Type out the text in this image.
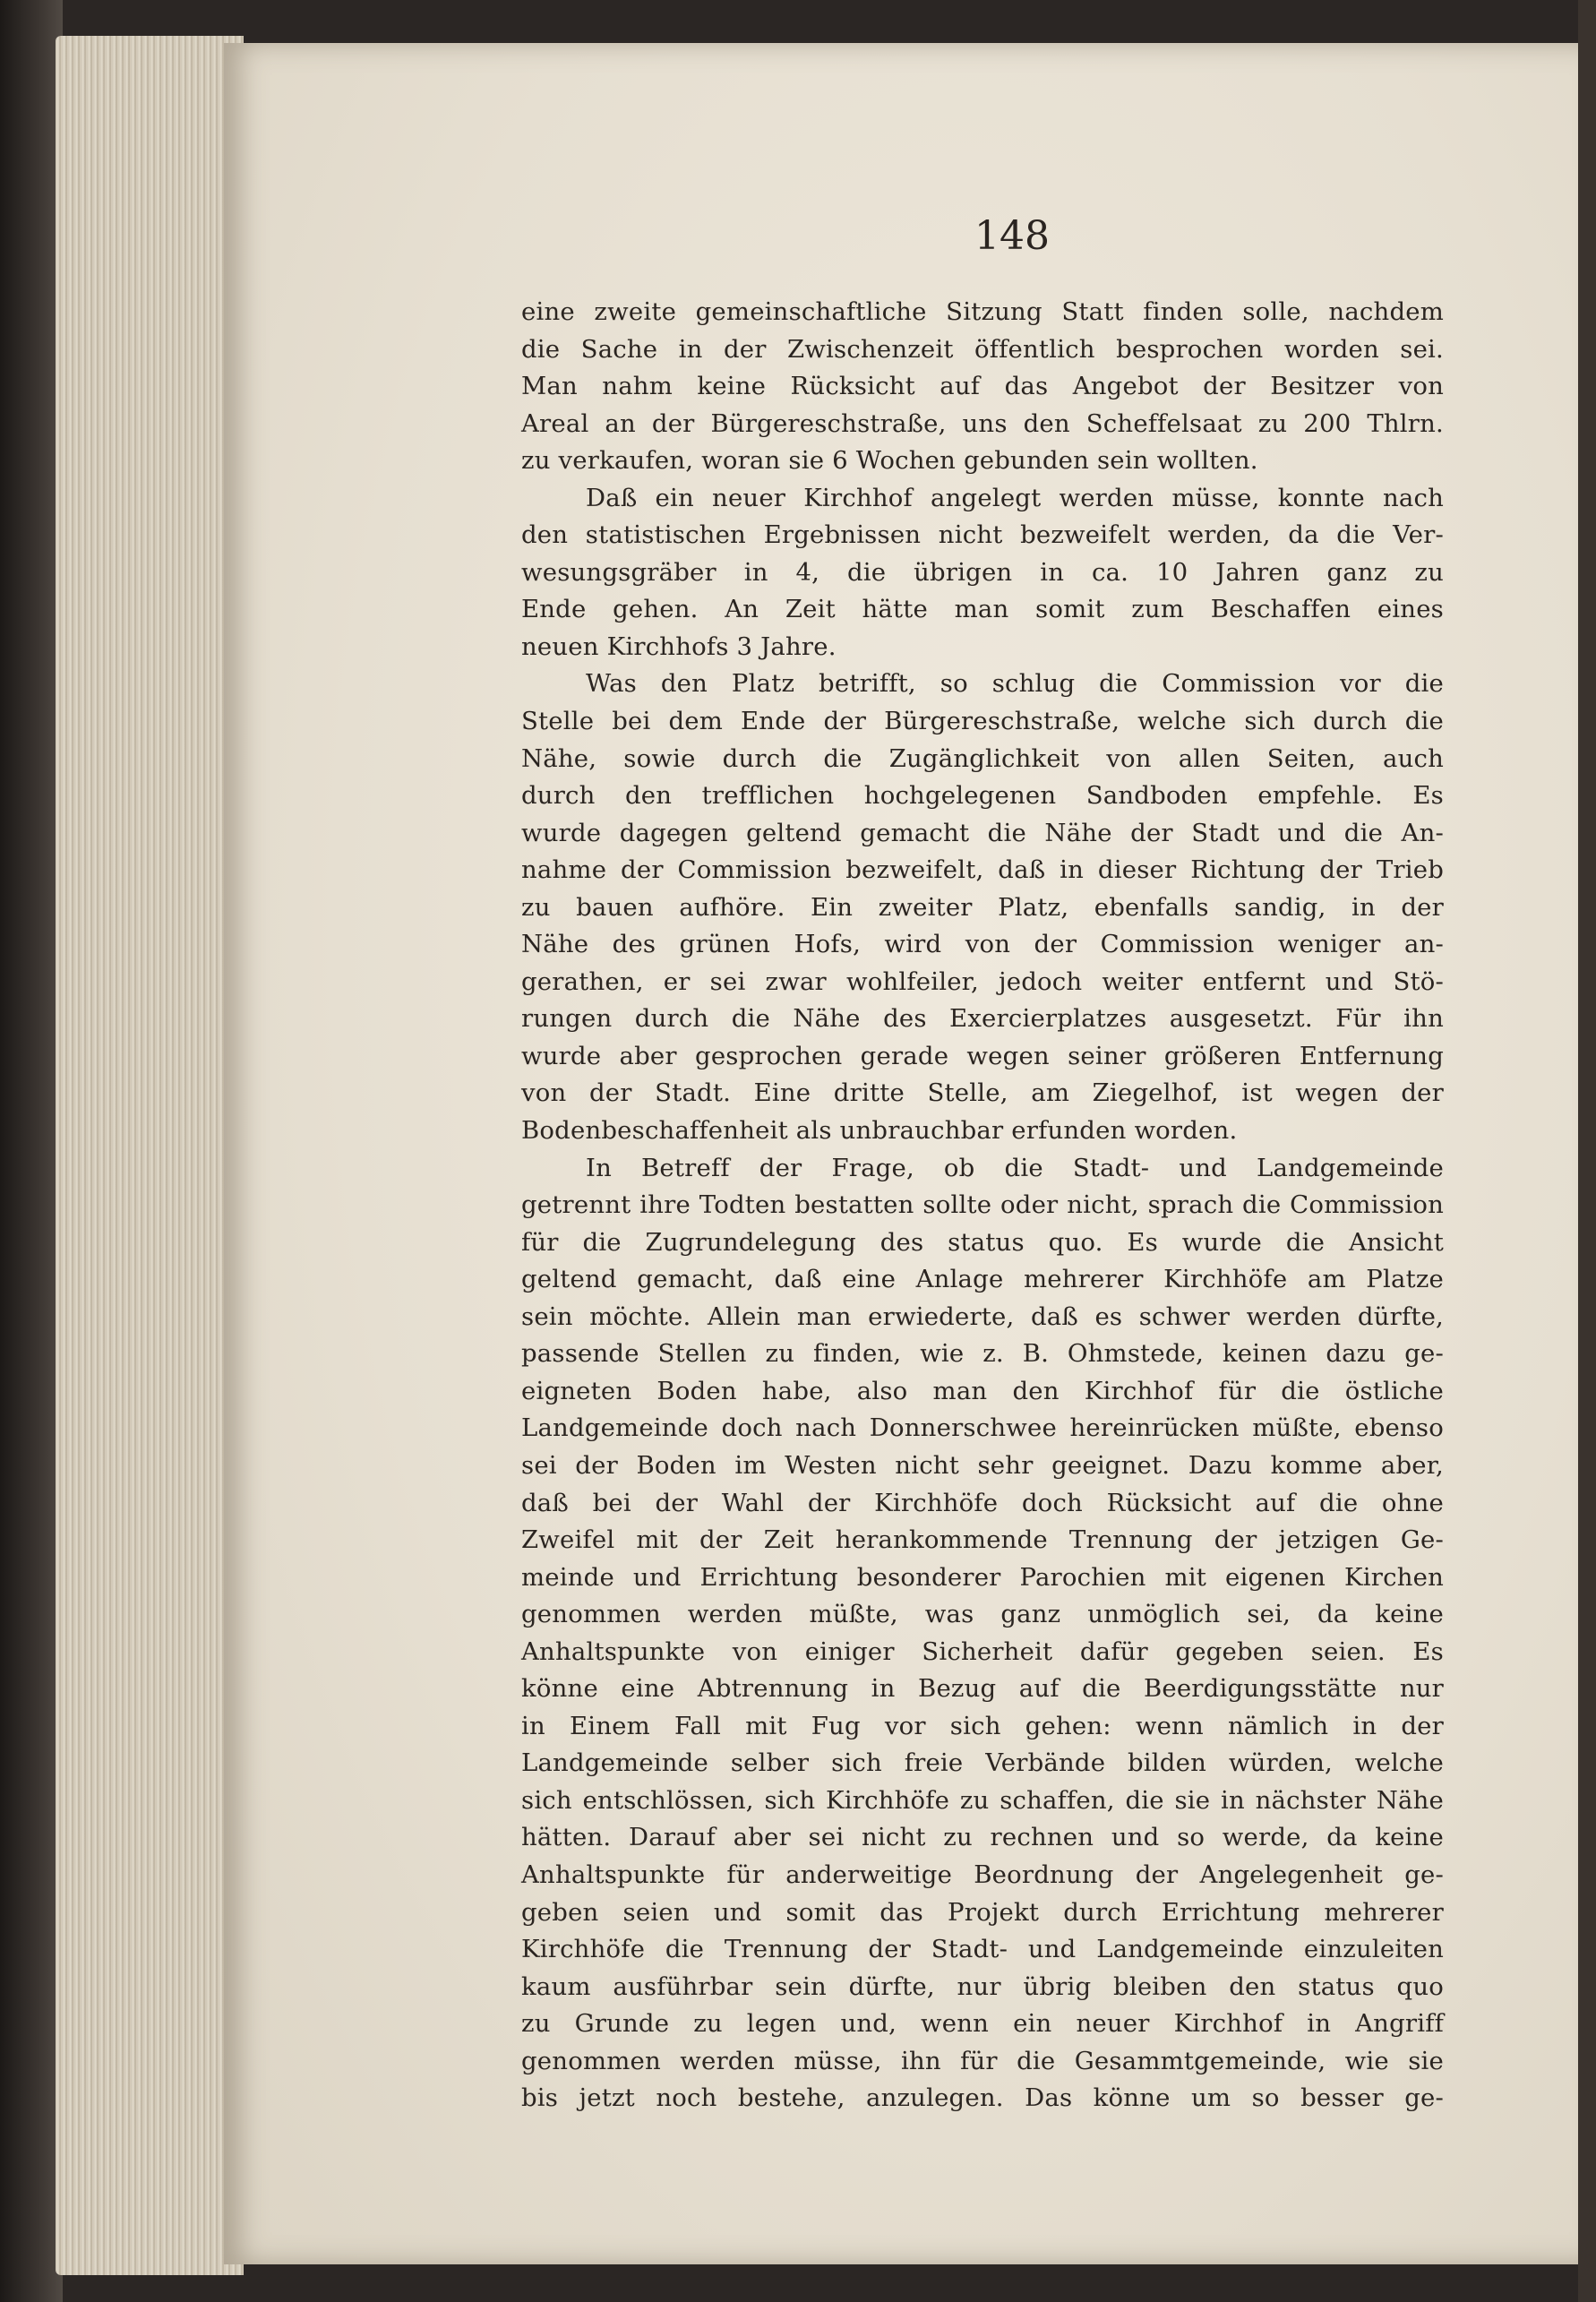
148
eine zweite gemeinschaftliche Sitzung Statt finden solle, nachdem
die Sache in der Zwischenzeit öffentlich besprochen worden sei.
Man nahm keine Rücksicht auf das Angebot der Besitzer von
Areal an der Bürgereschstraße, uns den Scheffelsaat zu 200 Thlrn.
zu verkaufen, woran sie 6 Wochen gebunden sein wollten.
Daß ein neuer Kirchhof angelegt werden müsse, konnte nach
den statistischen Ergebnissen nicht bezweifelt werden, da die Ver-
wesungsgräber in 4, die übrigen in ca. 10 Jahren ganz zu
Ende gehen. An Zeit hätte man somit zum Beschaffen eines
neuen Kirchhofs 3 Jahre.
Was den Platz betrifft, so schlug die Commission vor die
Stelle bei dem Ende der Bürgereschstraße, welche sich durch die
Nähe, sowie durch die Zugänglichkeit von allen Seiten, auch
durch den trefflichen hochgelegenen Sandboden empfehle. Es
wurde dagegen geltend gemacht die Nähe der Stadt und die An-
nahme der Commission bezweifelt, daß in dieser Richtung der Trieb
zu bauen aufhöre. Ein zweiter Platz, ebenfalls sandig, in der
Nähe des grünen Hofs, wird von der Commission weniger an-
gerathen, er sei zwar wohlfeiler, jedoch weiter entfernt und Stö-
rungen durch die Nähe des Exercierplatzes ausgesetzt. Für ihn
wurde aber gesprochen gerade wegen seiner größeren Entfernung
von der Stadt. Eine dritte Stelle, am Ziegelhof, ist wegen der
Bodenbeschaffenheit als unbrauchbar erfunden worden.
In Betreff der Frage, ob die Stadt- und Landgemeinde
getrennt ihre Todten bestatten sollte oder nicht, sprach die Commission
für die Zugrundelegung des status quo. Es wurde die Ansicht
geltend gemacht, daß eine Anlage mehrerer Kirchhöfe am Platze
sein möchte. Allein man erwiederte, daß es schwer werden dürfte,
passende Stellen zu finden, wie z. B. Ohmstede, keinen dazu ge-
eigneten Boden habe, also man den Kirchhof für die östliche
Landgemeinde doch nach Donnerschwee hereinrücken müßte, ebenso
sei der Boden im Westen nicht sehr geeignet. Dazu komme aber,
daß bei der Wahl der Kirchhöfe doch Rücksicht auf die ohne
Zweifel mit der Zeit herankommende Trennung der jetzigen Ge-
meinde und Errichtung besonderer Parochien mit eigenen Kirchen
genommen werden müßte, was ganz unmöglich sei, da keine
Anhaltspunkte von einiger Sicherheit dafür gegeben seien. Es
könne eine Abtrennung in Bezug auf die Beerdigungsstätte nur
in Einem Fall mit Fug vor sich gehen: wenn nämlich in der
Landgemeinde selber sich freie Verbände bilden würden, welche
sich entschlössen, sich Kirchhöfe zu schaffen, die sie in nächster Nähe
hätten. Darauf aber sei nicht zu rechnen und so werde, da keine
Anhaltspunkte für anderweitige Beordnung der Angelegenheit ge-
geben seien und somit das Projekt durch Errichtung mehrerer
Kirchhöfe die Trennung der Stadt- und Landgemeinde einzuleiten
kaum ausführbar sein dürfte, nur übrig bleiben den status quo
zu Grunde zu legen und, wenn ein neuer Kirchhof in Angriff
genommen werden müsse, ihn für die Gesammtgemeinde, wie sie
bis jetzt noch bestehe, anzulegen. Das könne um so besser ge-
